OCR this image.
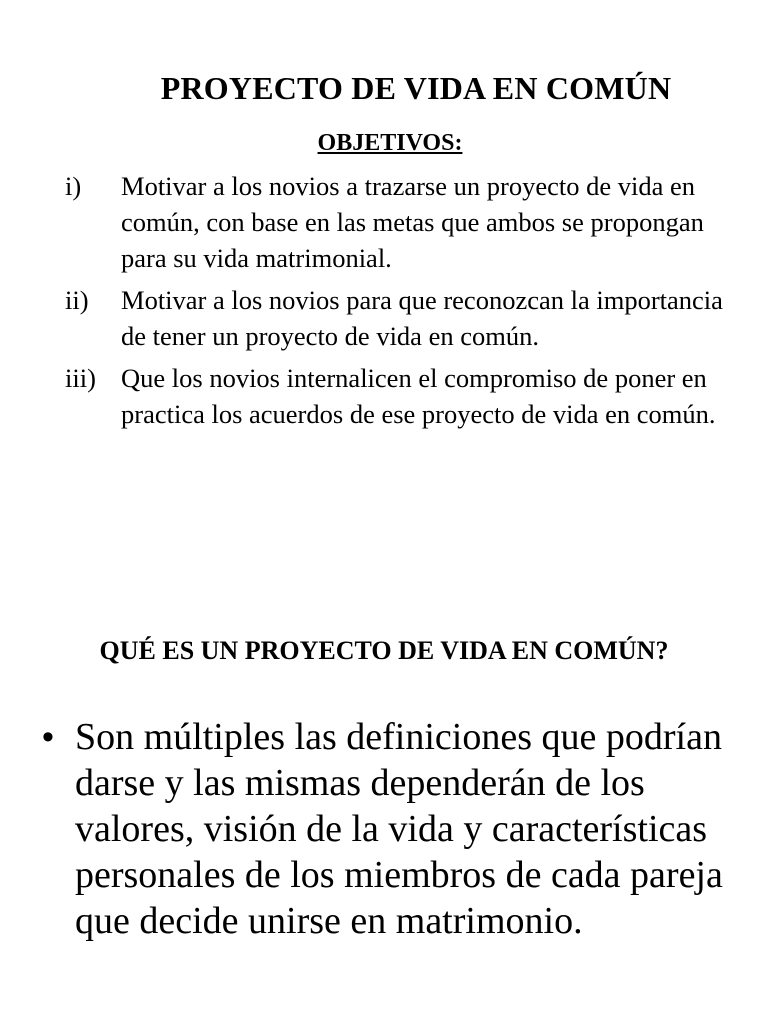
PROYECTO DE VIDA EN COMÚN
OBJETIVOS:
i) Motivar a los novios a trazarse un proyecto de vida en común, con base en las metas que ambos se propongan para su vida matrimonial.
ii) Motivar a los novios para que reconozcan la importancia de tener un proyecto de vida en común.
iii) Que los novios internalicen el compromiso de poner en practica los acuerdos de ese proyecto de vida en común.
QUÉ ES UN PROYECTO DE VIDA EN COMÚN?
• Son múltiples las definiciones que podrían darse y las mismas dependerán de los valores, visión de la vida y características personales de los miembros de cada pareja que decide unirse en matrimonio.
